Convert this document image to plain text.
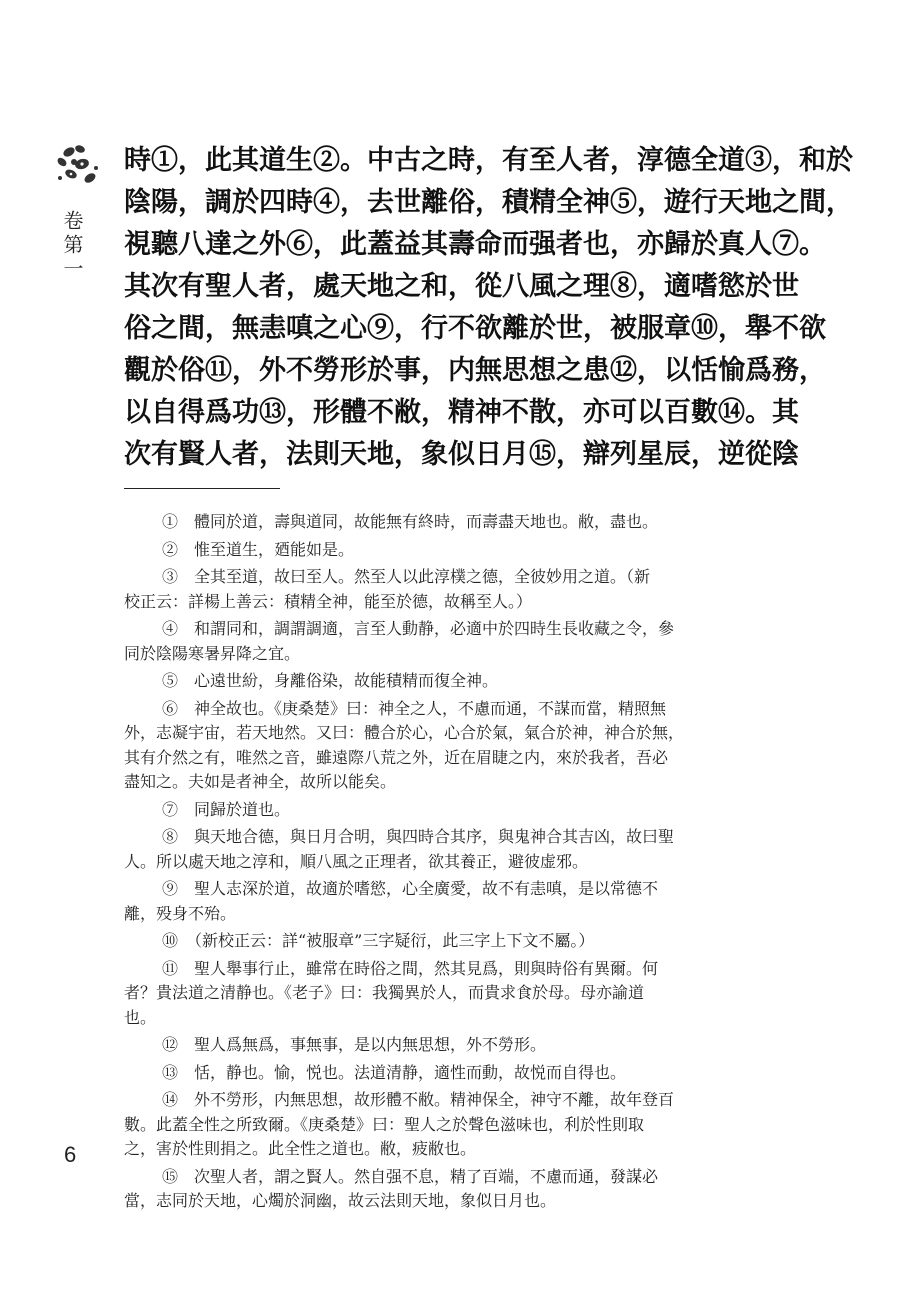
卷第一
時①，此其道生②。中古之時，有至人者，淳德全道③，和於
陰陽，調於四時④，去世離俗，積精全神⑤，遊行天地之間，
視聽八達之外⑥，此蓋益其壽命而强者也，亦歸於真人⑦。
其次有聖人者，處天地之和，從八風之理⑧，適嗜慾於世
俗之間，無恚嗔之心⑨，行不欲離於世，被服章⑩，舉不欲
觀於俗⑪，外不勞形於事，内無思想之患⑫，以恬愉爲務，
以自得爲功⑬，形體不敝，精神不散，亦可以百數⑭。其
次有賢人者，法則天地，象似日月⑮，辯列星辰，逆從陰
①　體同於道，壽與道同，故能無有終時，而壽盡天地也。敝，盡也。
②　惟至道生，廼能如是。
③　全其至道，故曰至人。然至人以此淳樸之德，全彼妙用之道。（新
校正云：詳楊上善云：積精全神，能至於德，故稱至人。）
④　和謂同和，調謂調適，言至人動静，必適中於四時生長收藏之令，參
同於陰陽寒暑昇降之宜。
⑤　心遠世紛，身離俗染，故能積精而復全神。
⑥　神全故也。《庚桑楚》曰：神全之人，不慮而通，不謀而當，精照無
外，志凝宇宙，若天地然。又曰：體合於心，心合於氣，氣合於神，神合於無，
其有介然之有，唯然之音，雖遠際八荒之外，近在眉睫之内，來於我者，吾必
盡知之。夫如是者神全，故所以能矣。
⑦　同歸於道也。
⑧　與天地合德，與日月合明，與四時合其序，與鬼神合其吉凶，故曰聖
人。所以處天地之淳和，順八風之正理者，欲其養正，避彼虚邪。
⑨　聖人志深於道，故適於嗜慾，心全廣愛，故不有恚嗔，是以常德不
離，殁身不殆。
⑩　（新校正云：詳“被服章”三字疑衍，此三字上下文不屬。）
⑪　聖人舉事行止，雖常在時俗之間，然其見爲，則與時俗有異爾。何
者？貴法道之清静也。《老子》曰：我獨異於人，而貴求食於母。母亦諭道
也。
⑫　聖人爲無爲，事無事，是以内無思想，外不勞形。
⑬　恬，静也。愉，悦也。法道清静，適性而動，故悦而自得也。
⑭　外不勞形，内無思想，故形體不敝。精神保全，神守不離，故年登百
數。此蓋全性之所致爾。《庚桑楚》曰：聖人之於聲色滋味也，利於性則取
之，害於性則捐之。此全性之道也。敝，疲敝也。
⑮　次聖人者，謂之賢人。然自强不息，精了百端，不慮而通，發謀必
當，志同於天地，心燭於洞幽，故云法則天地，象似日月也。
6
